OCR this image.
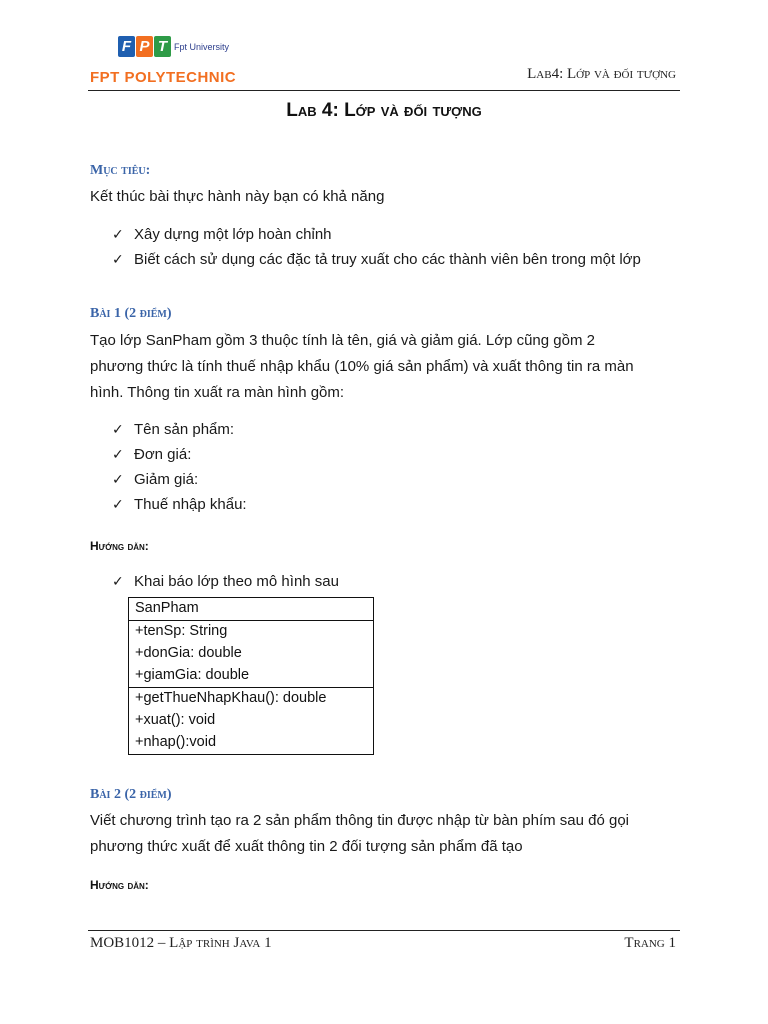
F P T Fpt University
FPT POLYTECHNIC	Lab4: Lớp và đối tượng
Lab 4: Lớp và đối tượng
Mục tiêu:
Kết thúc bài thực hành này bạn có khả năng
✓ Xây dựng một lớp hoàn chỉnh
✓ Biết cách sử dụng các đặc tả truy xuất cho các thành viên bên trong một lớp
Bài 1 (2 điểm)
Tạo lớp SanPham gồm 3 thuộc tính là tên, giá và giảm giá. Lớp cũng gồm 2
phương thức là tính thuế nhập khẩu (10% giá sản phẩm) và xuất thông tin ra màn
hình. Thông tin xuất ra màn hình gồm:
✓ Tên sản phẩm:
✓ Đơn giá:
✓ Giảm giá:
✓ Thuế nhập khẩu:
Hướng dẫn:
✓ Khai báo lớp theo mô hình sau
SanPham
+tenSp: String
+donGia: double
+giamGia: double
+getThueNhapKhau(): double
+xuat(): void
+nhap():void
Bài 2 (2 điểm)
Viết chương trình tạo ra 2 sản phẩm thông tin được nhập từ bàn phím sau đó gọi
phương thức xuất để xuất thông tin 2 đối tượng sản phẩm đã tạo
Hướng dẫn:
MOB1012 – Lập trình Java 1	Trang 1
